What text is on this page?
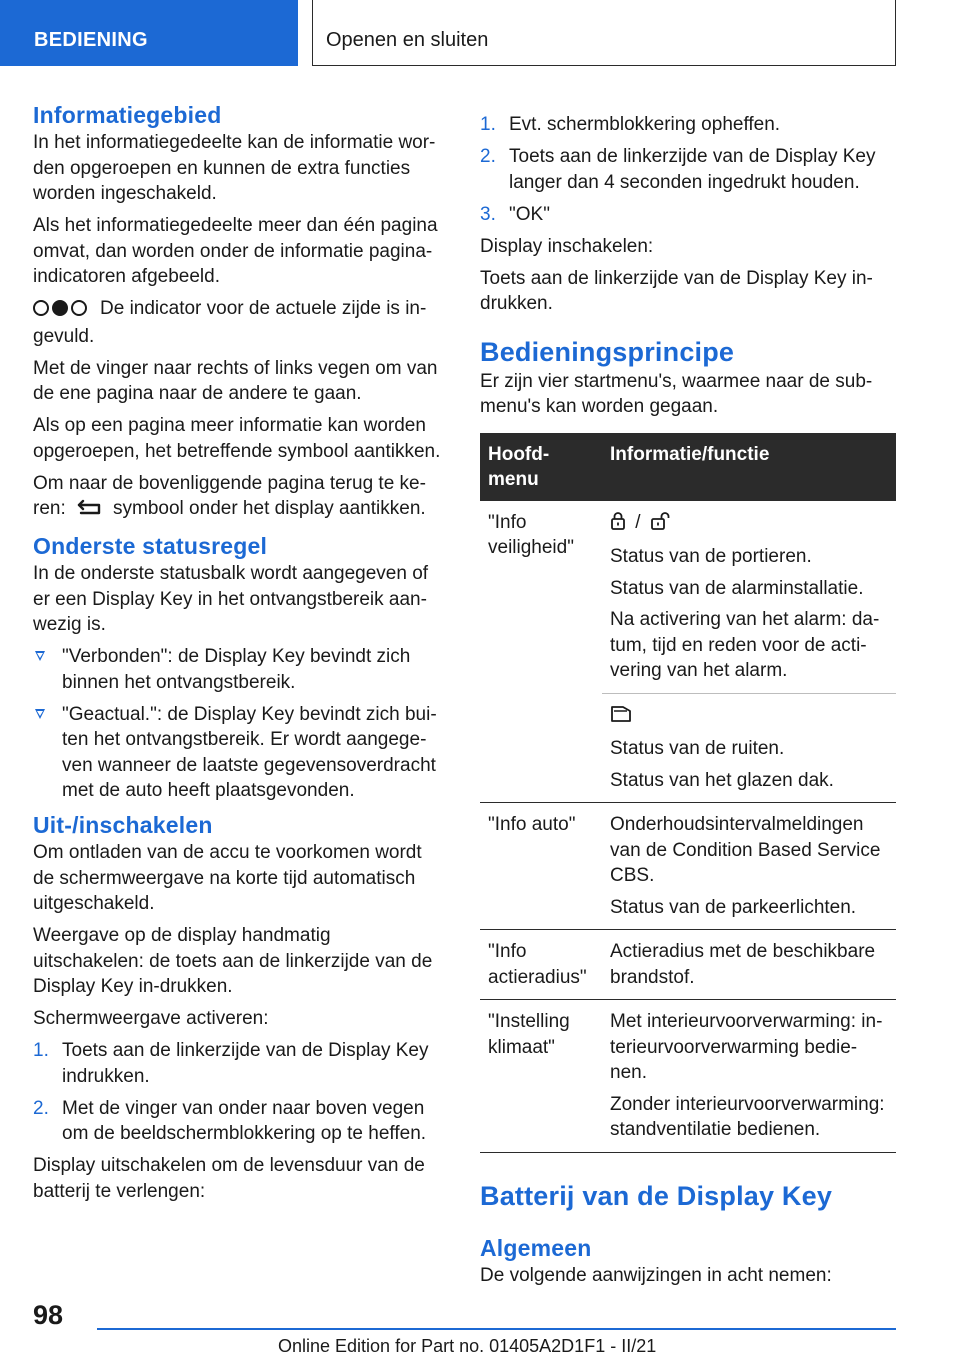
BEDIENING	Openen en sluiten
Informatiegebied

In het informatiegedeelte kan de informatie wor-den opgeroepen en kunnen de extra functies worden ingeschakeld.

Als het informatiegedeelte meer dan één pagina omvat, dan worden onder de informatie pagina-indicatoren afgebeeld.

De indicator voor de actuele zijde is in-gevuld.

Met de vinger naar rechts of links vegen om van de ene pagina naar de andere te gaan.

Als op een pagina meer informatie kan worden opgeroepen, het betreffende symbool aantikken.

Om naar de bovenliggende pagina terug te ke-ren: symbool onder het display aantikken.

Onderste statusregel

In de onderste statusbalk wordt aangegeven of er een Display Key in het ontvangstbereik aan-wezig is.

"Verbonden": de Display Key bevindt zich binnen het ontvangstbereik.
"Geactual.": de Display Key bevindt zich bui-ten het ontvangstbereik. Er wordt aangege-ven wanneer de laatste gegevensoverdracht met de auto heeft plaatsgevonden.
Uit-/inschakelen

Om ontladen van de accu te voorkomen wordt de schermweergave na korte tijd automatisch uitgeschakeld.

Weergave op de display handmatig uitschakelen: de toets aan de linkerzijde van de Display Key in-drukken.

Schermweergave activeren:

1. Toets aan de linkerzijde van de Display Key indrukken.
2. Met de vinger van onder naar boven vegen om de beeldschermblokkering op te heffen.

Display uitschakelen om de levensduur van de batterij te verlengen:

1. Evt. schermblokkering opheffen.
2. Toets aan de linkerzijde van de Display Key langer dan 4 seconden ingedrukt houden.
3. "OK"

Display inschakelen:

Toets aan de linkerzijde van de Display Key in-drukken.

Bedieningsprincipe

Er zijn vier startmenu's, waarmee naar de sub-menu's kan worden gegaan.

Hoofd-menu	Informatie/functie
"Info veiligheid"	/

Status van de portieren.

Status van de alarminstallatie.

Na activering van het alarm: da-tum, tijd en reden voor de acti-vering van het alarm.

	Status van de ruiten.

Status van het glazen dak.

"Info auto"	Onderhoudsintervalmeldingen van de Condition Based Service CBS.

Status van de parkeerlichten.

"Info actieradius"	Actieradius met de beschikbare brandstof.

"Instelling klimaat"	Met interieurvoorverwarming: in-terieurvoorverwarming bedie-nen.

Zonder interieurvoorverwarming: standventilatie bedienen.

Batterij van de Display Key
Algemeen

De volgende aanwijzingen in acht nemen:

98
Online Edition for Part no. 01405A2D1F1 - II/21
